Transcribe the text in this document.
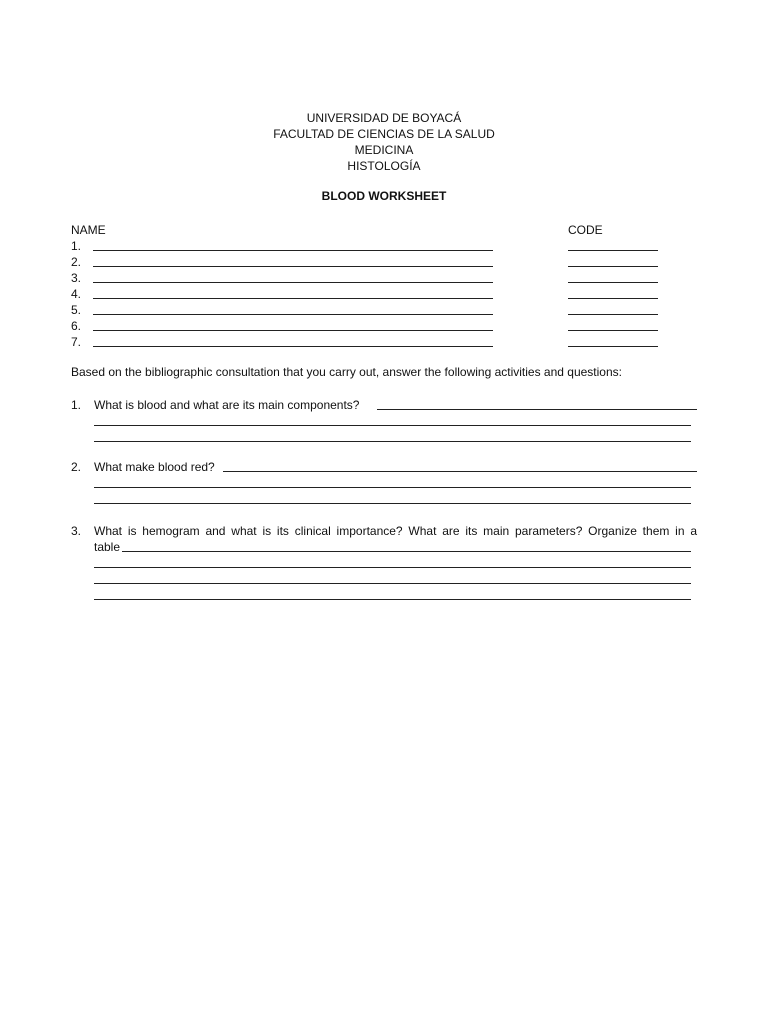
UNIVERSIDAD DE BOYACÁ
FACULTAD DE CIENCIAS DE LA SALUD
MEDICINA
HISTOLOGÍA
BLOOD WORKSHEET
NAME	CODE
1.
2.
3.
4.
5.
6.
7.
Based on the bibliographic consultation that you carry out, answer the following activities and questions:
1. What is blood and what are its main components?
2. What make blood red?
3. What is hemogram and what is its clinical importance? What are its main parameters? Organize them in a
table
